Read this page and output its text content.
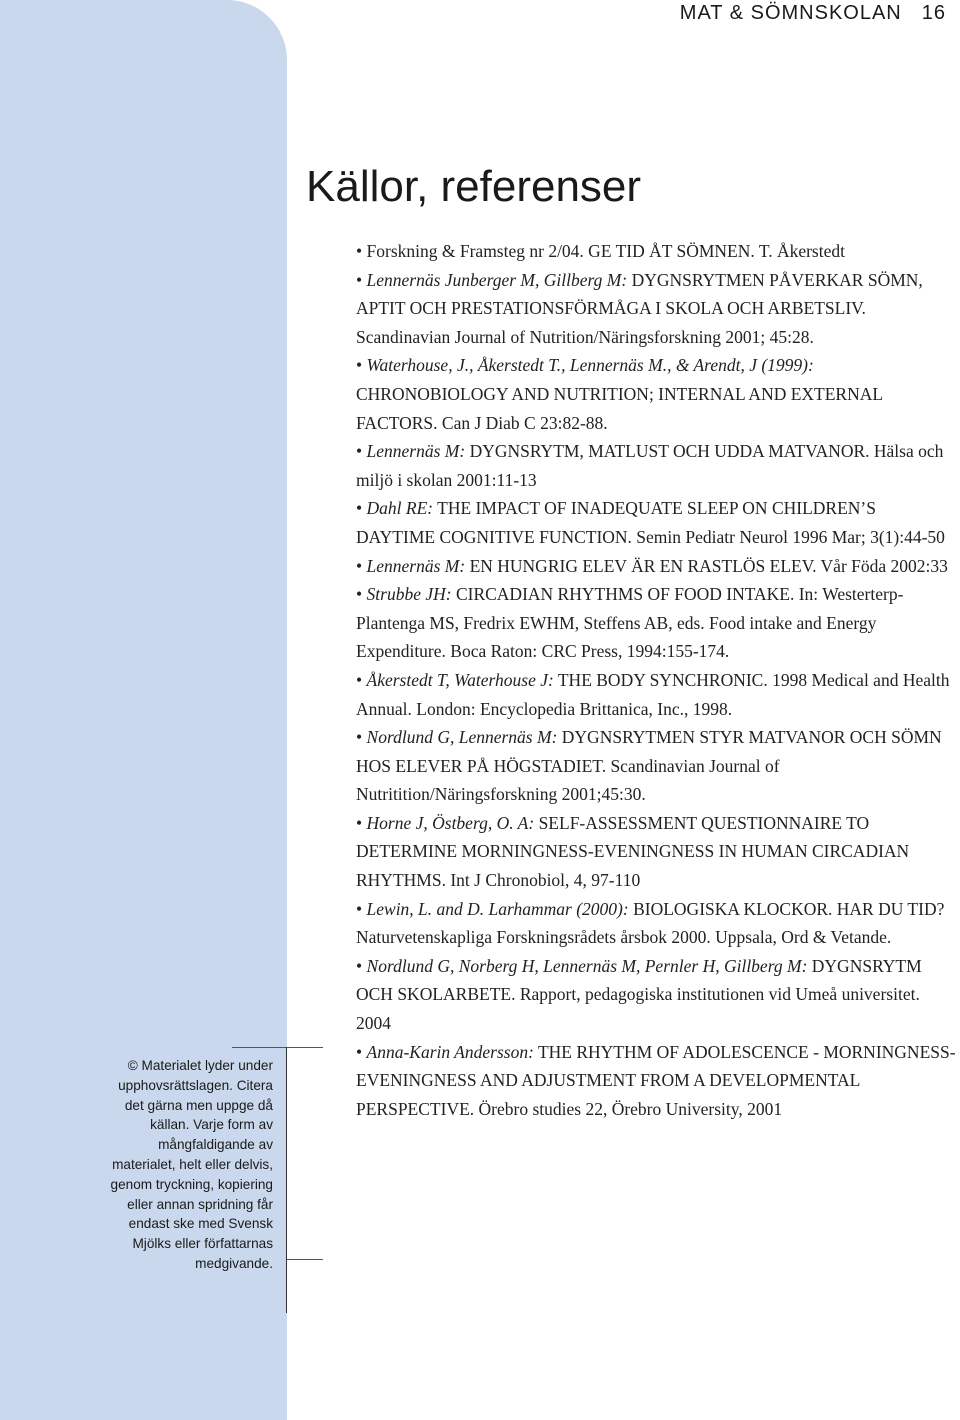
MAT & SÖMNSKOLAN 16
Källor, referenser
• Forskning & Framsteg nr 2/04. GE TID ÅT SÖMNEN. T. Åkerstedt
• Lennernäs Junberger M, Gillberg M: DYGNSRYTMEN PÅVERKAR SÖMN, APTIT OCH PRESTATIONSFÖRMÅGA I SKOLA OCH ARBETSLIV. Scandinavian Journal of Nutrition/Näringsforskning 2001; 45:28.
• Waterhouse, J., Åkerstedt T., Lennernäs M., & Arendt, J (1999): CHRONOBIOLOGY AND NUTRITION; INTERNAL AND EXTERNAL FACTORS. Can J Diab C 23:82-88.
• Lennernäs M: DYGNSRYTM, MATLUST OCH UDDA MATVANOR. Hälsa och miljö i skolan 2001:11-13
• Dahl RE: THE IMPACT OF INADEQUATE SLEEP ON CHILDREN’S DAYTIME COGNITIVE FUNCTION. Semin Pediatr Neurol 1996 Mar; 3(1):44-50
• Lennernäs M: EN HUNGRIG ELEV ÄR EN RASTLÖS ELEV. Vår Föda 2002:33
• Strubbe JH: CIRCADIAN RHYTHMS OF FOOD INTAKE. In: Westerterp-Plantenga MS, Fredrix EWHM, Steffens AB, eds. Food intake and Energy Expenditure. Boca Raton: CRC Press, 1994:155-174.
• Åkerstedt T, Waterhouse J: THE BODY SYNCHRONIC. 1998 Medical and Health Annual. London: Encyclopedia Brittanica, Inc., 1998.
• Nordlund G, Lennernäs M: DYGNSRYTMEN STYR MATVANOR OCH SÖMN HOS ELEVER PÅ HÖGSTADIET. Scandinavian Journal of Nutritition/Näringsforskning 2001;45:30.
• Horne J, Östberg, O. A: SELF-ASSESSMENT QUESTIONNAIRE TO DETERMINE MORNINGNESS-EVENINGNESS IN HUMAN CIRCADIAN RHYTHMS. Int J Chronobiol, 4, 97-110
• Lewin, L. and D. Larhammar (2000): BIOLOGISKA KLOCKOR. HAR DU TID? Naturvetenskapliga Forskningsrådets årsbok 2000. Uppsala, Ord & Vetande.
• Nordlund G, Norberg H, Lennernäs M, Pernler H, Gillberg M: DYGNSRYTM OCH SKOLARBETE. Rapport, pedagogiska institutionen vid Umeå universitet. 2004
• Anna-Karin Andersson: THE RHYTHM OF ADOLESCENCE - MORNINGNESS-EVENINGNESS AND ADJUSTMENT FROM A DEVELOPMENTAL PERSPECTIVE. Örebro studies 22, Örebro University, 2001

© Materialet lyder under upphovsrättslagen. Citera det gärna men uppge då källan. Varje form av mångfaldigande av materialet, helt eller delvis, genom tryckning, kopiering eller annan spridning får endast ske med Svensk Mjölks eller författarnas medgivande.
